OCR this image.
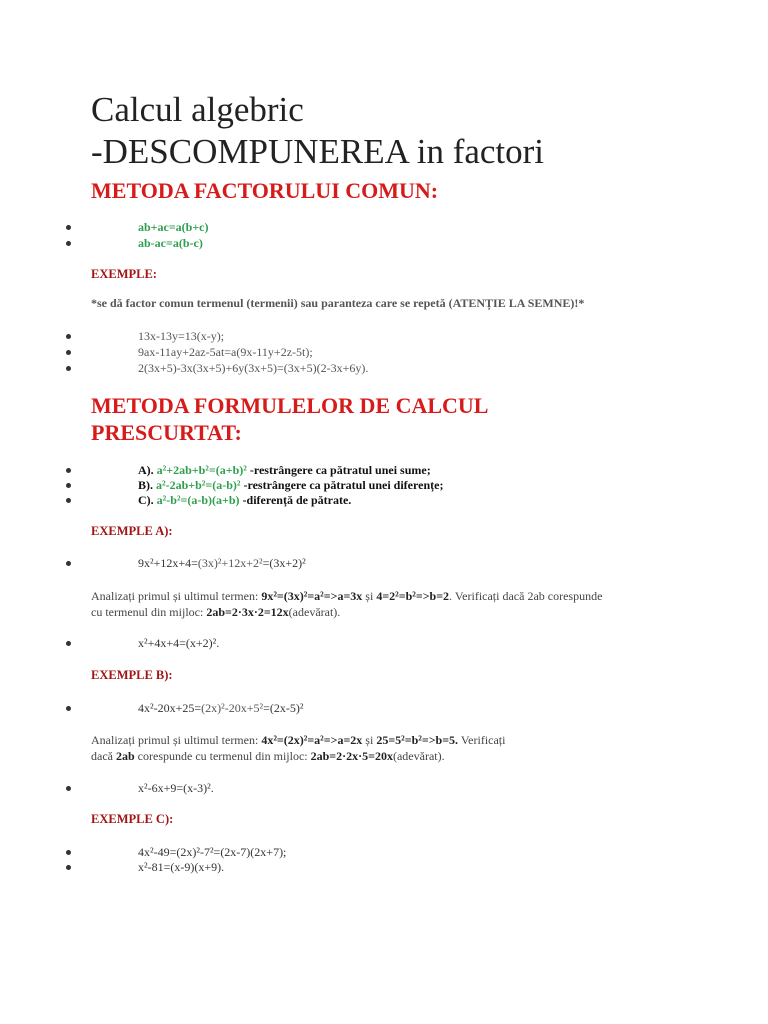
Calcul algebric
-DESCOMPUNEREA in factori
METODA FACTORULUI COMUN:
ab+ac=a(b+c)
ab-ac=a(b-c)
EXEMPLE:
*se dă factor comun termenul (termenii) sau paranteza care se repetă (ATENȚIE LA SEMNE)!*
13x-13y=13(x-y);
9ax-11ay+2az-5at=a(9x-11y+2z-5t);
2(3x+5)-3x(3x+5)+6y(3x+5)=(3x+5)(2-3x+6y).
METODA FORMULELOR DE CALCUL
PRESCURTAT:
A). a²+2ab+b²=(a+b)² -restrângere ca pătratul unei sume;
B). a²-2ab+b²=(a-b)² -restrângere ca pătratul unei diferențe;
C). a²-b²=(a-b)(a+b) -diferență de pătrate.
EXEMPLE A):
9x²+12x+4=(3x)²+12x+2²=(3x+2)²
Analizați primul și ultimul termen: 9x²=(3x)²=a²=>a=3x și 4=2²=b²=>b=2. Verificați dacă 2ab corespunde
cu termenul din mijloc: 2ab=2·3x·2=12x(adevărat).
x²+4x+4=(x+2)².
EXEMPLE B):
4x²-20x+25=(2x)²-20x+5²=(2x-5)²
Analizați primul și ultimul termen: 4x²=(2x)²=a²=>a=2x și 25=5²=b²=>b=5. Verificați
dacă 2ab corespunde cu termenul din mijloc: 2ab=2·2x·5=20x(adevărat).
x²-6x+9=(x-3)².
EXEMPLE C):
4x²-49=(2x)²-7²=(2x-7)(2x+7);
x²-81=(x-9)(x+9).
